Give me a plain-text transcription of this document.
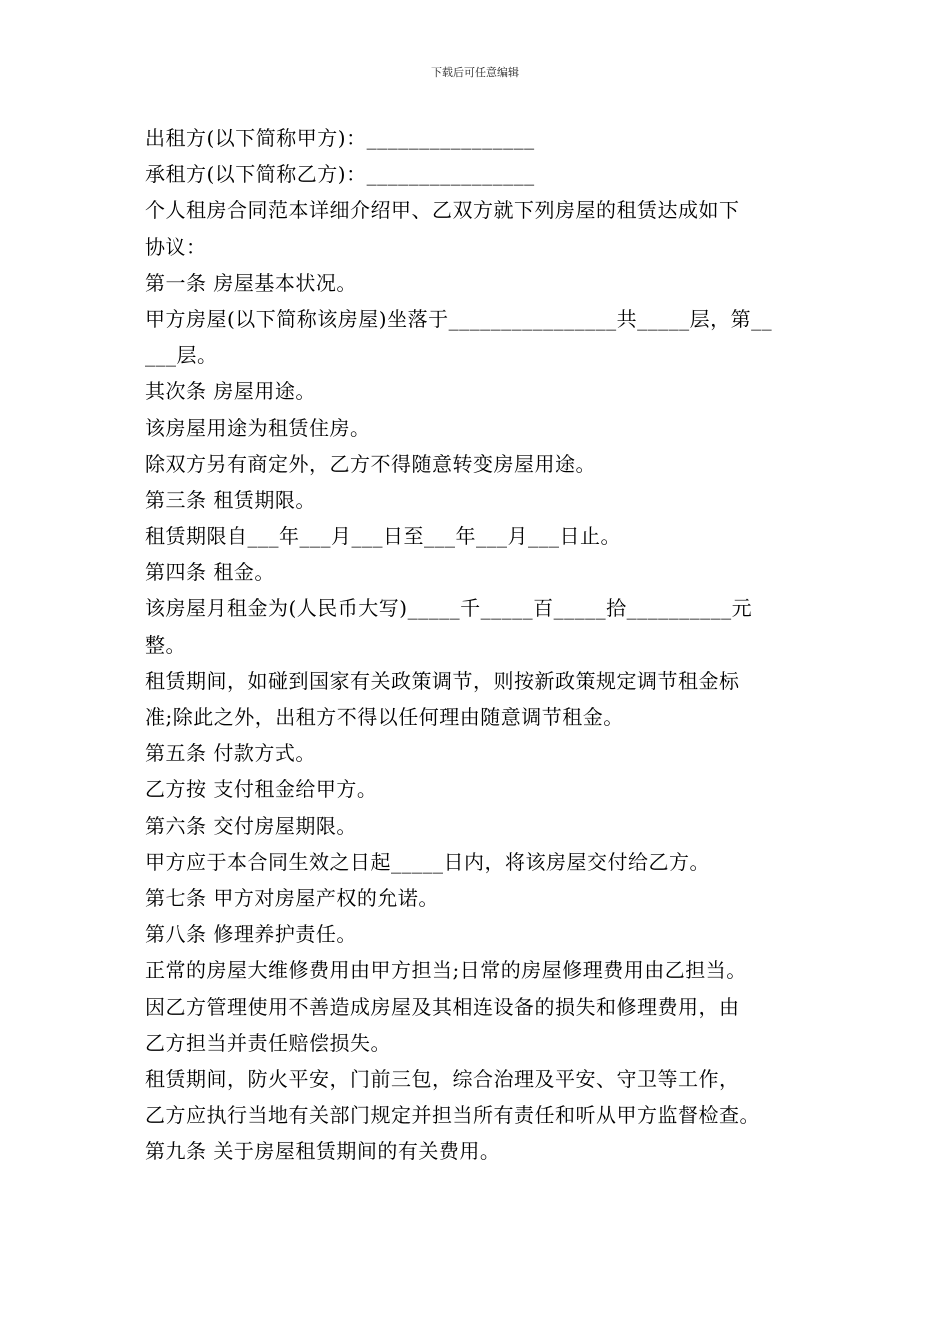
下载后可任意编辑
出租方(以下简称甲方)：________________
承租方(以下简称乙方)：________________
个人租房合同范本详细介绍甲、乙双方就下列房屋的租赁达成如下
协议：
第一条 房屋基本状况。
甲方房屋(以下简称该房屋)坐落于________________共_____层，第__
___层。
其次条 房屋用途。
该房屋用途为租赁住房。
除双方另有商定外，乙方不得随意转变房屋用途。
第三条 租赁期限。
租赁期限自___年___月___日至___年___月___日止。
第四条 租金。
该房屋月租金为(人民币大写)_____千_____百_____拾__________元
整。
租赁期间，如碰到国家有关政策调节，则按新政策规定调节租金标
准;除此之外，出租方不得以任何理由随意调节租金。
第五条 付款方式。
乙方按 支付租金给甲方。
第六条 交付房屋期限。
甲方应于本合同生效之日起_____日内，将该房屋交付给乙方。
第七条 甲方对房屋产权的允诺。
第八条 修理养护责任。
正常的房屋大维修费用由甲方担当;日常的房屋修理费用由乙担当。
因乙方管理使用不善造成房屋及其相连设备的损失和修理费用，由
乙方担当并责任赔偿损失。
租赁期间，防火平安，门前三包，综合治理及平安、守卫等工作，
乙方应执行当地有关部门规定并担当所有责任和听从甲方监督检查。
第九条 关于房屋租赁期间的有关费用。
